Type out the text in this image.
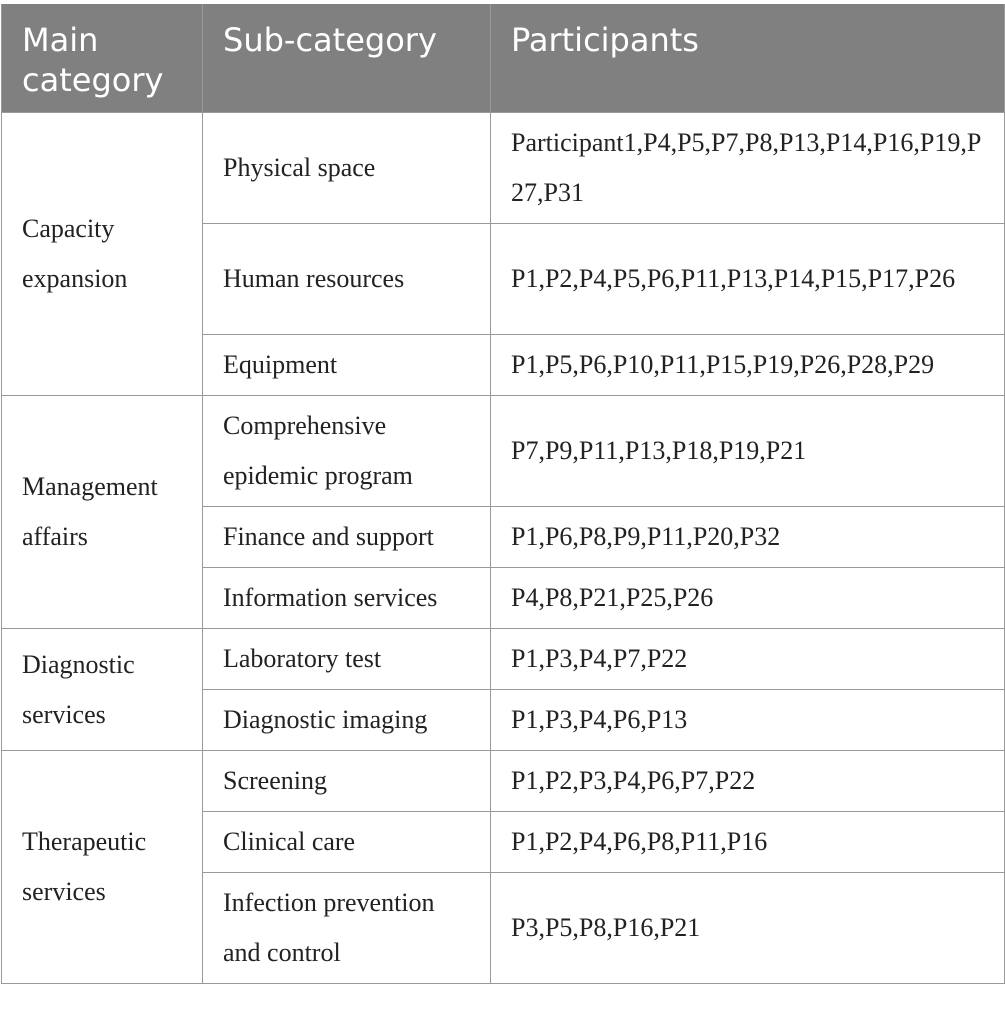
Main category	Sub-category	Participants
Capacity expansion	Physical space	Participant1,P4,P5,P7,P8,P13,P14,P16,P19,P27,P31
	Human resources	P1,P2,P4,P5,P6,P11,P13,P14,P15,P17,P26
	Equipment	P1,P5,P6,P10,P11,P15,P19,P26,P28,P29
Management affairs	Comprehensive epidemic program	P7,P9,P11,P13,P18,P19,P21
	Finance and support	P1,P6,P8,P9,P11,P20,P32
	Information services	P4,P8,P21,P25,P26
Diagnostic services	Laboratory test	P1,P3,P4,P7,P22
	Diagnostic imaging	P1,P3,P4,P6,P13
Therapeutic services	Screening	P1,P2,P3,P4,P6,P7,P22
	Clinical care	P1,P2,P4,P6,P8,P11,P16
	Infection prevention and control	P3,P5,P8,P16,P21
